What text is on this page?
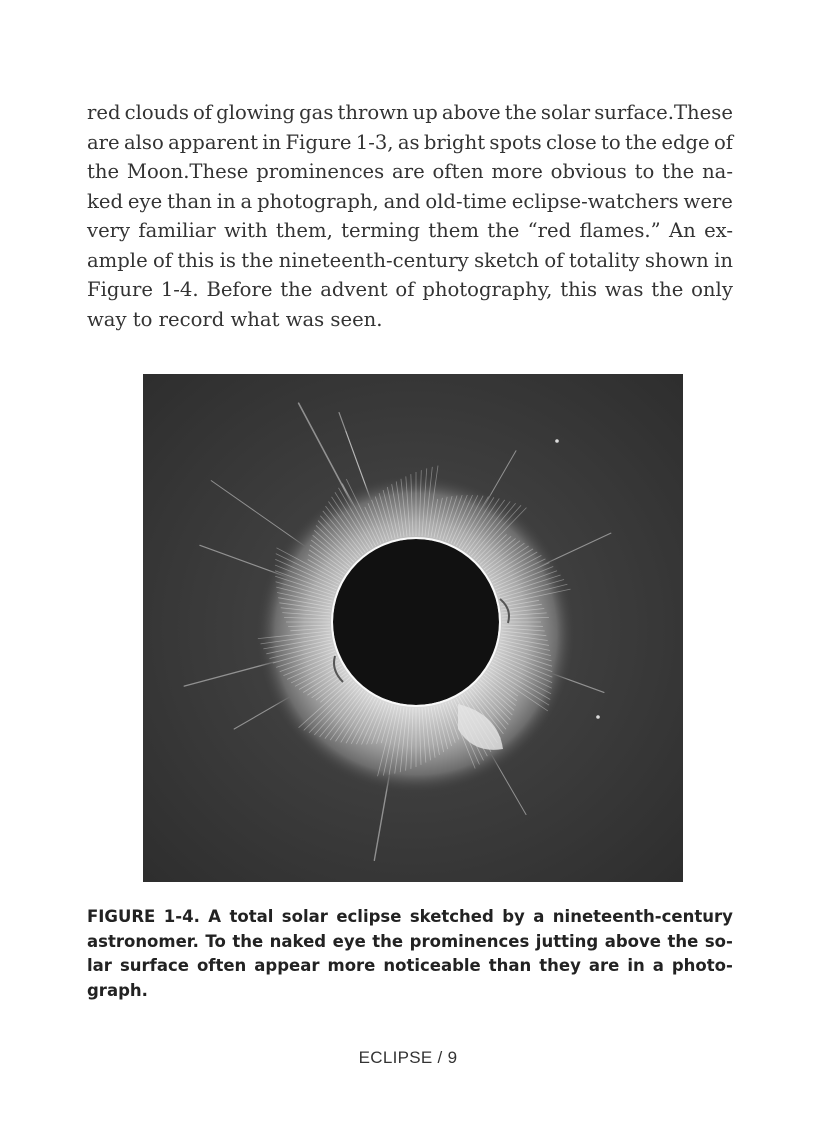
red clouds of glowing gas thrown up above the solar surface.These
are also apparent in Figure 1-3, as bright spots close to the edge of
the Moon.These prominences are often more obvious to the na-
ked eye than in a photograph, and old-time eclipse-watchers were
very familiar with them, terming them the “red flames.” An ex-
ample of this is the nineteenth-century sketch of totality shown in
Figure 1-4. Before the advent of photography, this was the only
way to record what was seen.
FIGURE 1-4. A total solar eclipse sketched by a nineteenth-century
astronomer. To the naked eye the prominences jutting above the so-
lar surface often appear more noticeable than they are in a photo-
graph.
ECLIPSE / 9
